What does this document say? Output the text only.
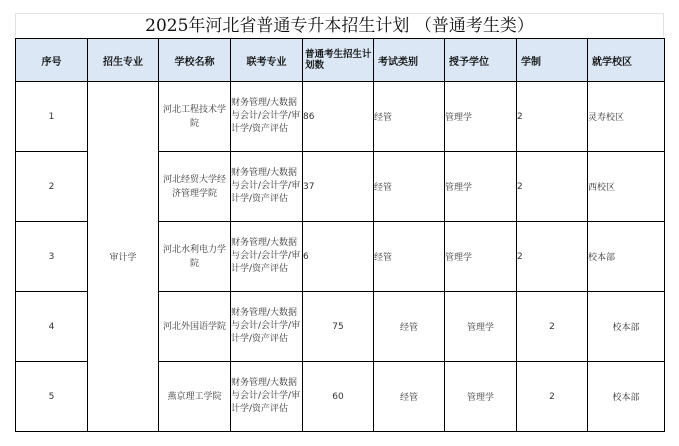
2025年河北省普通专升本招生计划 （普通考生类）
序号	招生专业	学校名称	联考专业	普通考生招生计划数	考试类别	授予学位	学制	就学校区
1	审计学	河北工程技术学院	财务管理/大数据与会计/会计学/审计学/资产评估	86	经管	管理学	2	灵寿校区
2		河北经贸大学经济管理学院	财务管理/大数据与会计/会计学/审计学/资产评估	37	经管	管理学	2	西校区
3		河北水利电力学院	财务管理/大数据与会计/会计学/审计学/资产评估	6	经管	管理学	2	校本部
4		河北外国语学院	财务管理/大数据与会计/会计学/审计学/资产评估	75	经管	管理学	2	校本部
5		燕京理工学院	财务管理/大数据与会计/会计学/审计学/资产评估	60	经管	管理学	2	校本部
